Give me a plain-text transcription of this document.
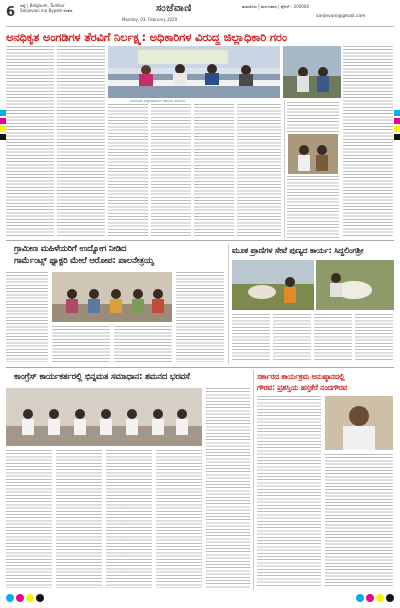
6 ಜಿಲ್ಲೆ | Belgaum, Tumkur
Sanjevani ma Bypale ಅಂಕಣ	ಸಂಜೆವಾಣಿ
Monday, 03. February 2020
ತುಮಕೂರು | ಮಂಗಳವಾರ | ಫೋನ್ : 200000
sanjevani@gmail.com
ಅನಧಿಕೃತ ಅಂಗಡಿಗಳ ತೆರವಿಗೆ ನಿರ್ಲಕ್ಷ್ಯ: ಅಧಿಕಾರಿಗಳ ವಿರುದ್ಧ ಜಿಲ್ಲಾಧಿಕಾರಿ ಗರಂ
ತುಮಕೂರು ಜಿಲ್ಲಾಧಿಕಾರಿಗಳ ಕಚೇರಿಯ ಸಭಾಂಗಣ
ಗ್ರಾಮೀಣ ಮಹಿಳೆಯರಿಗೆ ಉದ್ಯೋಗ ನೀಡಿದ
ಗಾರ್ಮೆಂಟ್ಸ್ ಫ್ಯಾಕ್ಟರಿ ಮೇಲೆ ಆರೋಪ: ಪಾಲನೇತ್ರಯ್ಯ
ಮೂಕ ಪ್ರಾಣಿಗಳ ಸೇವೆ ಪುಣ್ಯದ ಕಾರ್ಯ: ಸಿದ್ದಲಿಂಗಶ್ರೀ
ಕಾಂಗ್ರೆಸ್ ಕಾರ್ಯಕರ್ತರಲ್ಲಿ ಭಿನ್ನಮತ ಸಮಾಧಾನ: ಶಮನದ ಭರವಸೆ	ಸರ್ಕಾರದ ಕಾರ್ಯಕ್ರಮ ಅನುಷ್ಠಾನದಲ್ಲಿ
ಗೌರವ: ಪ್ರಶಸ್ತಿಯ ಹಸ್ತಕೆರೆ ನಂದಗೌರವ
